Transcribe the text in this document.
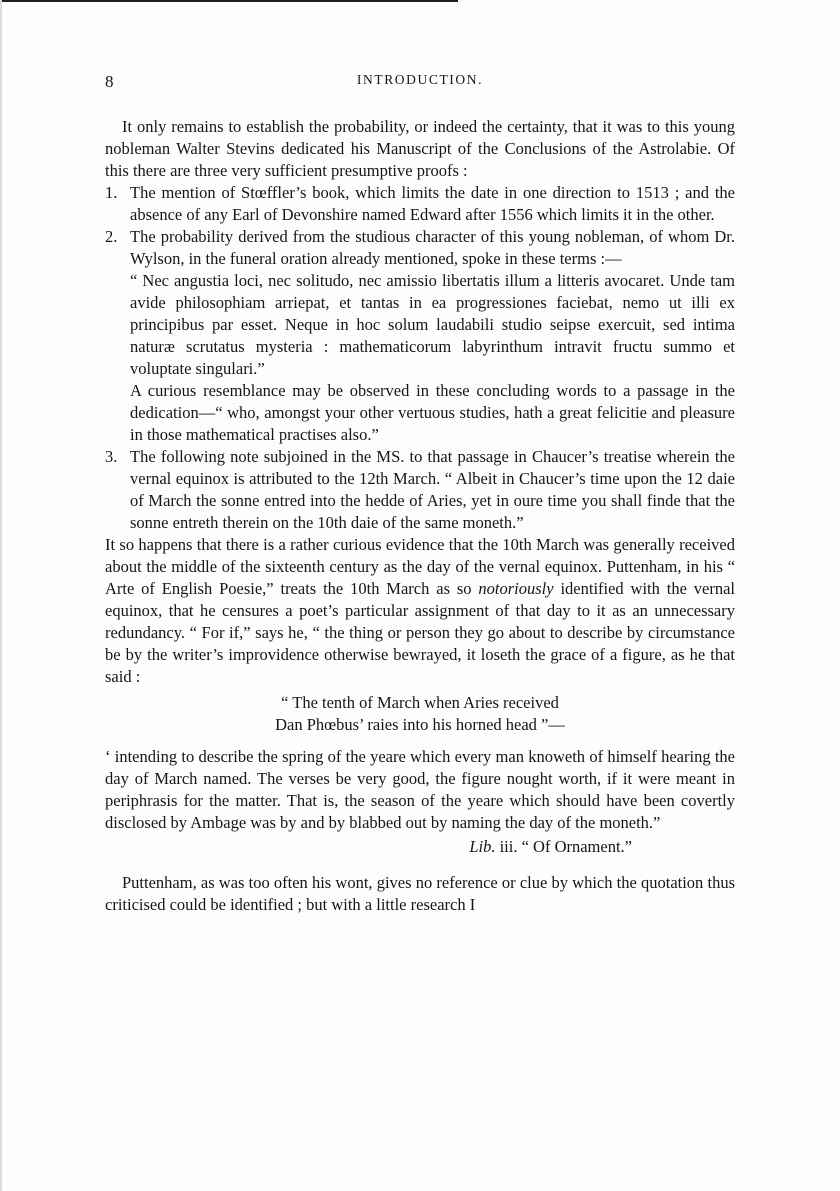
8	INTRODUCTION.

It only remains to establish the probability, or indeed the certainty, that it was to this young nobleman Walter Stevins dedicated his Manuscript of the Conclusions of the Astrolabie. Of this there are three very sufficient presumptive proofs :

1. The mention of Stœffler’s book, which limits the date in one direction to 1513 ; and the absence of any Earl of Devonshire named Edward after 1556 which limits it in the other.

2. The probability derived from the studious character of this young nobleman, of whom Dr. Wylson, in the funeral oration already mentioned, spoke in these terms :—

“ Nec angustia loci, nec solitudo, nec amissio libertatis illum a litteris avocaret. Unde tam avide philosophiam arriepat, et tantas in ea progressiones faciebat, nemo ut illi ex principibus par esset. Neque in hoc solum laudabili studio seipse exercuit, sed intima naturæ scrutatus mysteria : mathematicorum labyrinthum intravit fructu summo et voluptate singulari.”

A curious resemblance may be observed in these concluding words to a passage in the dedication—“ who, amongst your other vertuous studies, hath a great felicitie and pleasure in those mathematical practises also.”

3. The following note subjoined in the MS. to that passage in Chaucer’s treatise wherein the vernal equinox is attributed to the 12th March. “ Albeit in Chaucer’s time upon the 12 daie of March the sonne entred into the hedde of Aries, yet in oure time you shall finde that the sonne entreth therein on the 10th daie of the same moneth.”

It so happens that there is a rather curious evidence that the 10th March was generally received about the middle of the sixteenth century as the day of the vernal equinox. Puttenham, in his “ Arte of English Poesie,” treats the 10th March as so notoriously identified with the vernal equinox, that he censures a poet’s particular assignment of that day to it as an unnecessary redundancy. “ For if,” says he, “ the thing or person they go about to describe by circumstance be by the writer’s improvidence otherwise bewrayed, it loseth the grace of a figure, as he that said :

“ The tenth of March when Aries received
Dan Phœbus’ raies into his horned head ”—

‘ intending to describe the spring of the yeare which every man knoweth of himself hearing the day of March named. The verses be very good, the figure nought worth, if it were meant in periphrasis for the matter. That is, the season of the yeare which should have been covertly disclosed by Ambage was by and by blabbed out by naming the day of the moneth.”

Lib. iii. “ Of Ornament.”

Puttenham, as was too often his wont, gives no reference or clue by which the quotation thus criticised could be identified ; but with a little research I
